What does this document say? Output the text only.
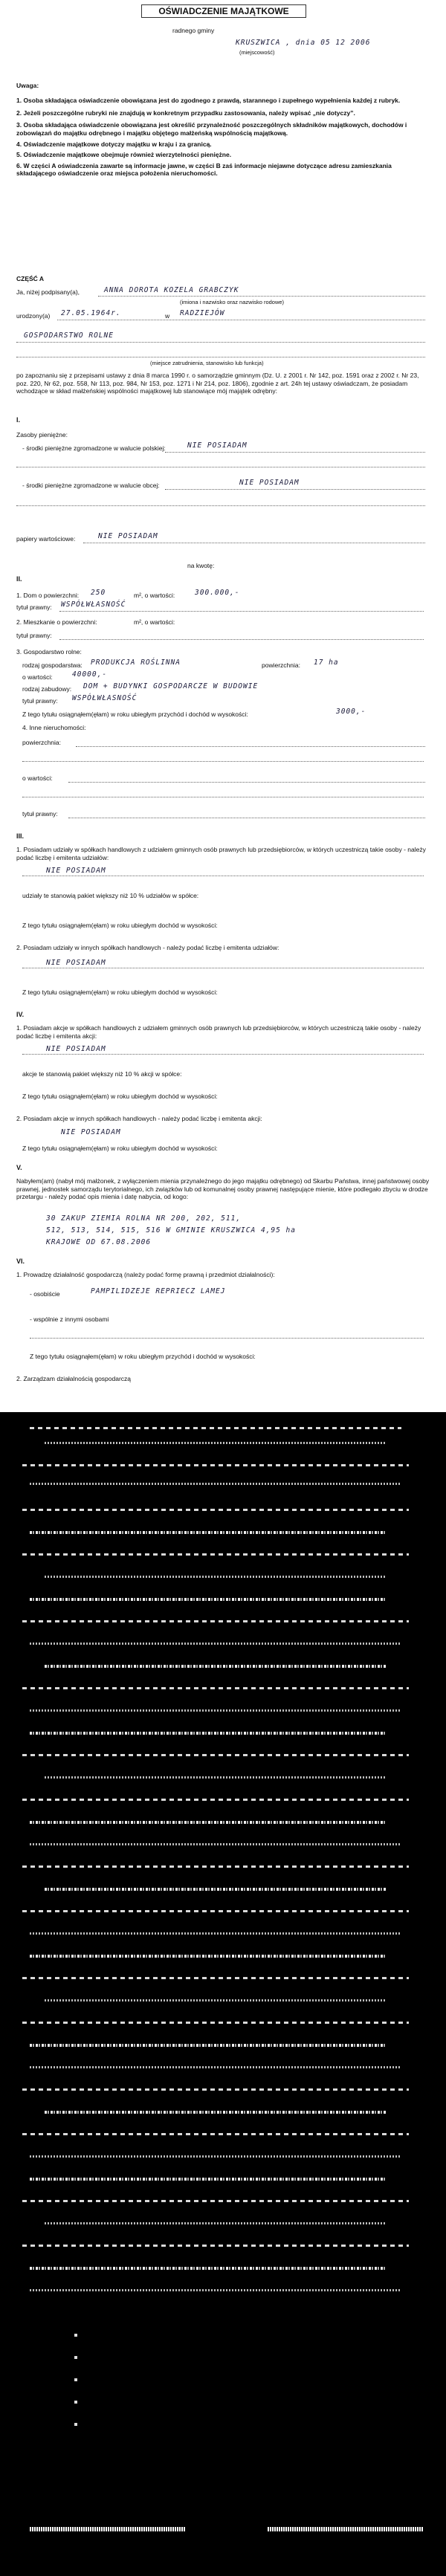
OŚWIADCZENIE MAJĄTKOWE
radnego gminy
KRUSZWICA , dnia 05 12 2006
(miejscowość)
Uwaga:
1. Osoba składająca oświadczenie obowiązana jest do zgodnego z prawdą, starannego i zupełnego wypełnienia każdej z rubryk.
2. Jeżeli poszczególne rubryki nie znajdują w konkretnym przypadku zastosowania, należy wpisać „nie dotyczy”.
3. Osoba składająca oświadczenie obowiązana jest określić przynależność poszczególnych składników majątkowych, dochodów i zobowiązań do majątku odrębnego i majątku objętego małżeńską wspólnością majątkową.
4. Oświadczenie majątkowe dotyczy majątku w kraju i za granicą.
5. Oświadczenie majątkowe obejmuje również wierzytelności pieniężne.
6. W części A oświadczenia zawarte są informacje jawne, w części B zaś informacje niejawne dotyczące adresu zamieszkania składającego oświadczenie oraz miejsca położenia nieruchomości.
CZĘŚĆ A
Ja, niżej podpisany(a),	ANNA DOROTA KOZELA GRABCZYK
(imiona i nazwisko oraz nazwisko rodowe)
urodzony(a) 27.05.1964r.	w RADZIEJÓW
GOSPODARSTWO ROLNE
(miejsce zatrudnienia, stanowisko lub funkcja)
po zapoznaniu się z przepisami ustawy z dnia 8 marca 1990 r. o samorządzie gminnym (Dz. U. z 2001 r. Nr 142, poz. 1591 oraz z 2002 r. Nr 23, poz. 220, Nr 62, poz. 558, Nr 113, poz. 984, Nr 153, poz. 1271 i Nr 214, poz. 1806), zgodnie z art. 24h tej ustawy oświadczam, że posiadam wchodzące w skład małżeńskiej wspólności majątkowej lub stanowiące mój majątek odrębny:
I.
Zasoby pieniężne:
- środki pieniężne zgromadzone w walucie polskiej:	NIE POSIADAM
- środki pieniężne zgromadzone w walucie obcej:	NIE POSIADAM
papiery wartościowe:	NIE POSIADAM
na kwotę:
II.
1. Dom o powierzchni: 250	m², o wartości:	300.000,-
tytuł prawny: WSPÓŁWŁASNOŚĆ
2. Mieszkanie o powierzchni:	m², o wartości:
tytuł prawny:
3. Gospodarstwo rolne:
rodzaj gospodarstwa: PRODUKCJA ROŚLINNA	powierzchnia: 17 ha
o wartości:	40000,-
rodzaj zabudowy: DOM + BUDYNKI GOSPODARCZE W BUDOWIE
tytuł prawny: WSPÓŁWŁASNOŚĆ
Z tego tytułu osiągnąłem(ęłam) w roku ubiegłym przychód i dochód w wysokości:	3000,-
4. Inne nieruchomości:
powierzchnia:
o wartości:
tytuł prawny:
III.
1. Posiadam udziały w spółkach handlowych z udziałem gminnych osób prawnych lub przedsiębiorców, w których uczestniczą takie osoby - należy podać liczbę i emitenta udziałów:
NIE POSIADAM
udziały te stanowią pakiet większy niż 10 % udziałów w spółce:
Z tego tytułu osiągnąłem(ęłam) w roku ubiegłym dochód w wysokości:
2. Posiadam udziały w innych spółkach handlowych - należy podać liczbę i emitenta udziałów:
NIE POSIADAM
Z tego tytułu osiągnąłem(ęłam) w roku ubiegłym dochód w wysokości:
IV.
1. Posiadam akcje w spółkach handlowych z udziałem gminnych osób prawnych lub przedsiębiorców, w których uczestniczą takie osoby - należy podać liczbę i emitenta akcji:
NIE POSIADAM
akcje te stanowią pakiet większy niż 10 % akcji w spółce:
Z tego tytułu osiągnąłem(ęłam) w roku ubiegłym dochód w wysokości:
2. Posiadam akcje w innych spółkach handlowych - należy podać liczbę i emitenta akcji:
NIE POSIADAM
Z tego tytułu osiągnąłem(ęłam) w roku ubiegłym dochód w wysokości:
V.
Nabyłem(am) (nabył mój małżonek, z wyłączeniem mienia przynależnego do jego majątku odrębnego) od Skarbu Państwa, innej państwowej osoby prawnej, jednostek samorządu terytorialnego, ich związków lub od komunalnej osoby prawnej następujące mienie, które podlegało zbyciu w drodze przetargu - należy podać opis mienia i datę nabycia, od kogo:
30 ZAKUP ZIEMIA ROLNA NR 200, 202, 511,
512, 513, 514, 515, 516 W GMINIE KRUSZWICA 4,95 ha
KRAJOWE OD 67.08.2006
VI.
1. Prowadzę działalność gospodarczą (należy podać formę prawną i przedmiot działalności):
- osobiście	PAMPILIDZEJE REPRIECZ LAMEJ
- wspólnie z innymi osobami
Z tego tytułu osiągnąłem(ęłam) w roku ubiegłym przychód i dochód w wysokości:
2. Zarządzam działalnością gospodarczą
